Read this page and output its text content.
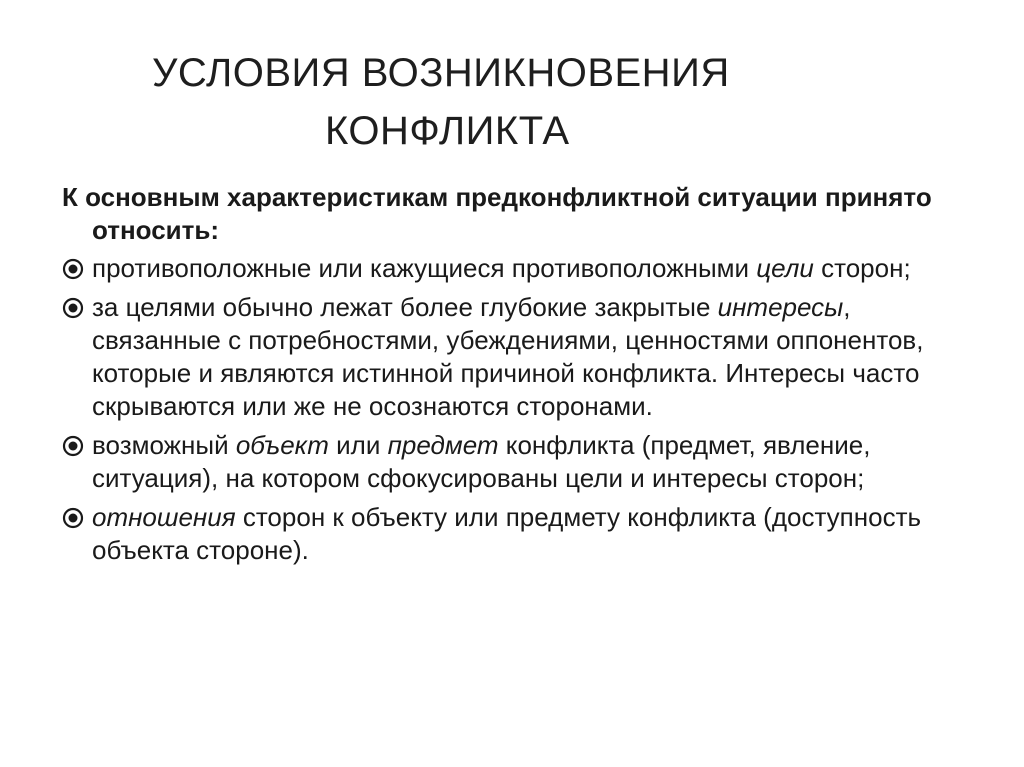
УСЛОВИЯ ВОЗНИКНОВЕНИЯ
КОНФЛИКТА

К основным характеристикам предконфликтной ситуации принято относить:

противоположные или кажущиеся противоположными цели сторон;
за целями обычно лежат более глубокие закрытые интересы, связанные с потребностями, убеждениями, ценностями оппонентов, которые и являются истинной причиной конфликта. Интересы часто скрываются или же не осознаются сторонами.
возможный объект или предмет конфликта (предмет, явление, ситуация), на котором сфокусированы цели и интересы сторон;
отношения сторон к объекту или предмету конфликта (доступность объекта стороне).
